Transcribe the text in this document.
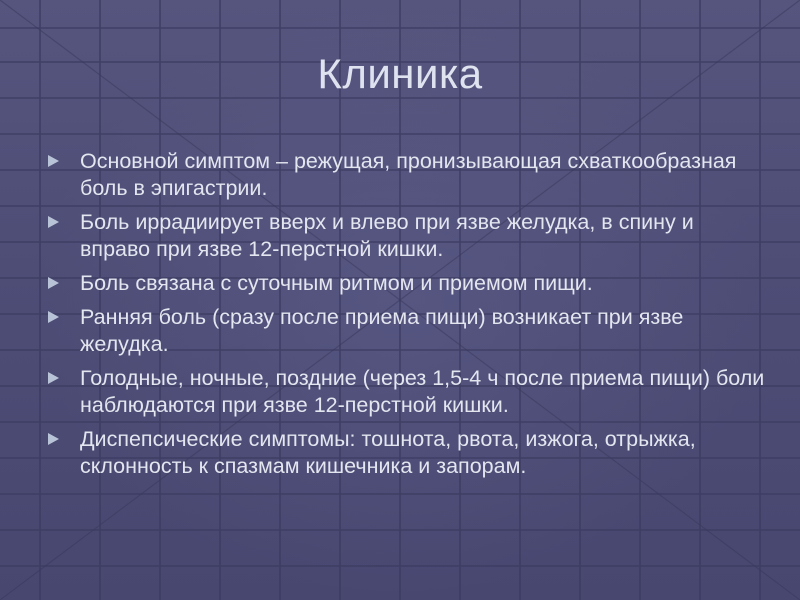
Клиника
Основной симптом – режущая, пронизывающая схваткообразная боль в эпигастрии.
Боль иррадиирует вверх и влево при язве желудка, в спину и вправо при язве 12-перстной кишки.
Боль связана с суточным ритмом и приемом пищи.
Ранняя боль (сразу после приема пищи) возникает при язве желудка.
Голодные, ночные, поздние (через 1,5-4 ч после приема пищи) боли наблюдаются при язве 12-перстной кишки.
Диспепсические симптомы: тошнота, рвота, изжога, отрыжка, склонность к спазмам кишечника и запорам.
